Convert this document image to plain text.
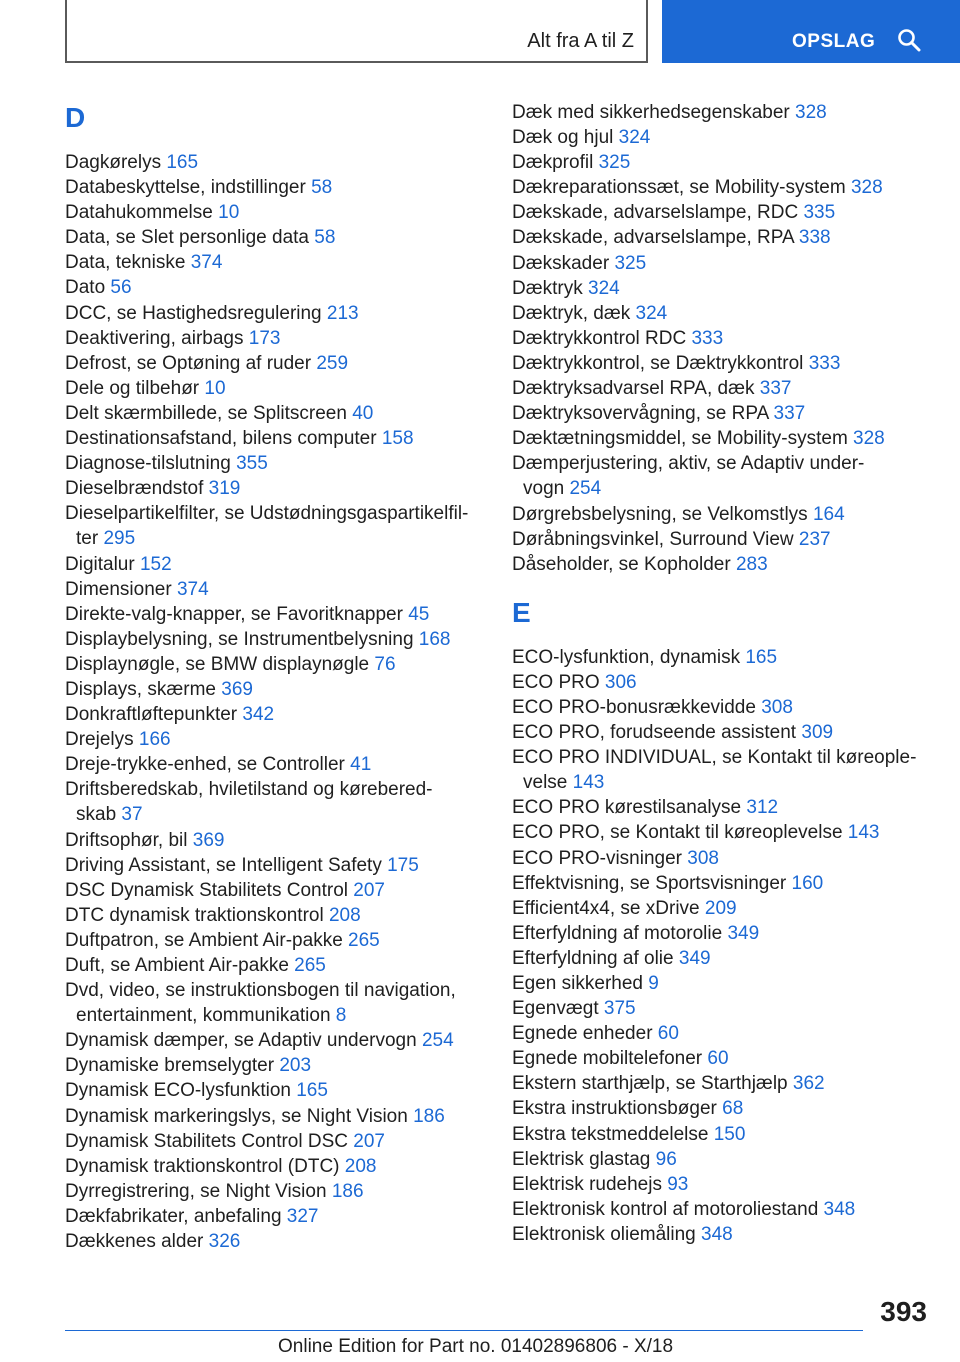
Alt fra A til Z	OPSLAG
D
Dagkørelys 165
Databeskyttelse, indstillinger 58
Datahukommelse 10
Data, se Slet personlige data 58
Data, tekniske 374
Dato 56
DCC, se Hastighedsregulering 213
Deaktivering, airbags 173
Defrost, se Optøning af ruder 259
Dele og tilbehør 10
Delt skærmbillede, se Splitscreen 40
Destinationsafstand, bilens computer 158
Diagnose-tilslutning 355
Dieselbrændstof 319
Dieselpartikelfilter, se Udstødningsgaspartikelfil‐
ter 295
Digitalur 152
Dimensioner 374
Direkte-valg-knapper, se Favoritknapper 45
Displaybelysning, se Instrumentbelysning 168
Displaynøgle, se BMW displaynøgle 76
Displays, skærme 369
Donkraftløftepunkter 342
Drejelys 166
Dreje-trykke-enhed, se Controller 41
Driftsberedskab, hviletilstand og kørebered‐
skab 37
Driftsophør, bil 369
Driving Assistant, se Intelligent Safety 175
DSC Dynamisk Stabilitets Control 207
DTC dynamisk traktionskontrol 208
Duftpatron, se Ambient Air-pakke 265
Duft, se Ambient Air-pakke 265
Dvd, video, se instruktionsbogen til navigation, entertainment, kommunikation 8
Dynamisk dæmper, se Adaptiv undervogn 254
Dynamiske bremselygter 203
Dynamisk ECO-lysfunktion 165
Dynamisk markeringslys, se Night Vision 186
Dynamisk Stabilitets Control DSC 207
Dynamisk traktionskontrol (DTC) 208
Dyrregistrering, se Night Vision 186
Dækfabrikater, anbefaling 327
Dækkenes alder 326
Dæk med sikkerhedsegenskaber 328
Dæk og hjul 324
Dækprofil 325
Dækreparationssæt, se Mobility-system 328
Dækskade, advarselslampe, RDC 335
Dækskade, advarselslampe, RPA 338
Dækskader 325
Dæktryk 324
Dæktryk, dæk 324
Dæktrykkontrol RDC 333
Dæktrykkontrol, se Dæktrykkontrol 333
Dæktryksadvarsel RPA, dæk 337
Dæktryksovervågning, se RPA 337
Dæktætningsmiddel, se Mobility-system 328
Dæmperjustering, aktiv, se Adaptiv under‐
vogn 254
Dørgrebsbelysning, se Velkomstlys 164
Døråbningsvinkel, Surround View 237
Dåseholder, se Kopholder 283
E
ECO-lysfunktion, dynamisk 165
ECO PRO 306
ECO PRO-bonusrækkevidde 308
ECO PRO, forudseende assistent 309
ECO PRO INDIVIDUAL, se Kontakt til køreople‐
velse 143
ECO PRO kørestilsanalyse 312
ECO PRO, se Kontakt til køreoplevelse 143
ECO PRO-visninger 308
Effektvisning, se Sportsvisninger 160
Efficient4x4, se xDrive 209
Efterfyldning af motorolie 349
Efterfyldning af olie 349
Egen sikkerhed 9
Egenvægt 375
Egnede enheder 60
Egnede mobiltelefoner 60
Ekstern starthjælp, se Starthjælp 362
Ekstra instruktionsbøger 68
Ekstra tekstmeddelelse 150
Elektrisk glastag 96
Elektrisk rudehejs 93
Elektronisk kontrol af motoroliestand 348
Elektronisk oliemåling 348
393
Online Edition for Part no. 01402896806 - X/18
